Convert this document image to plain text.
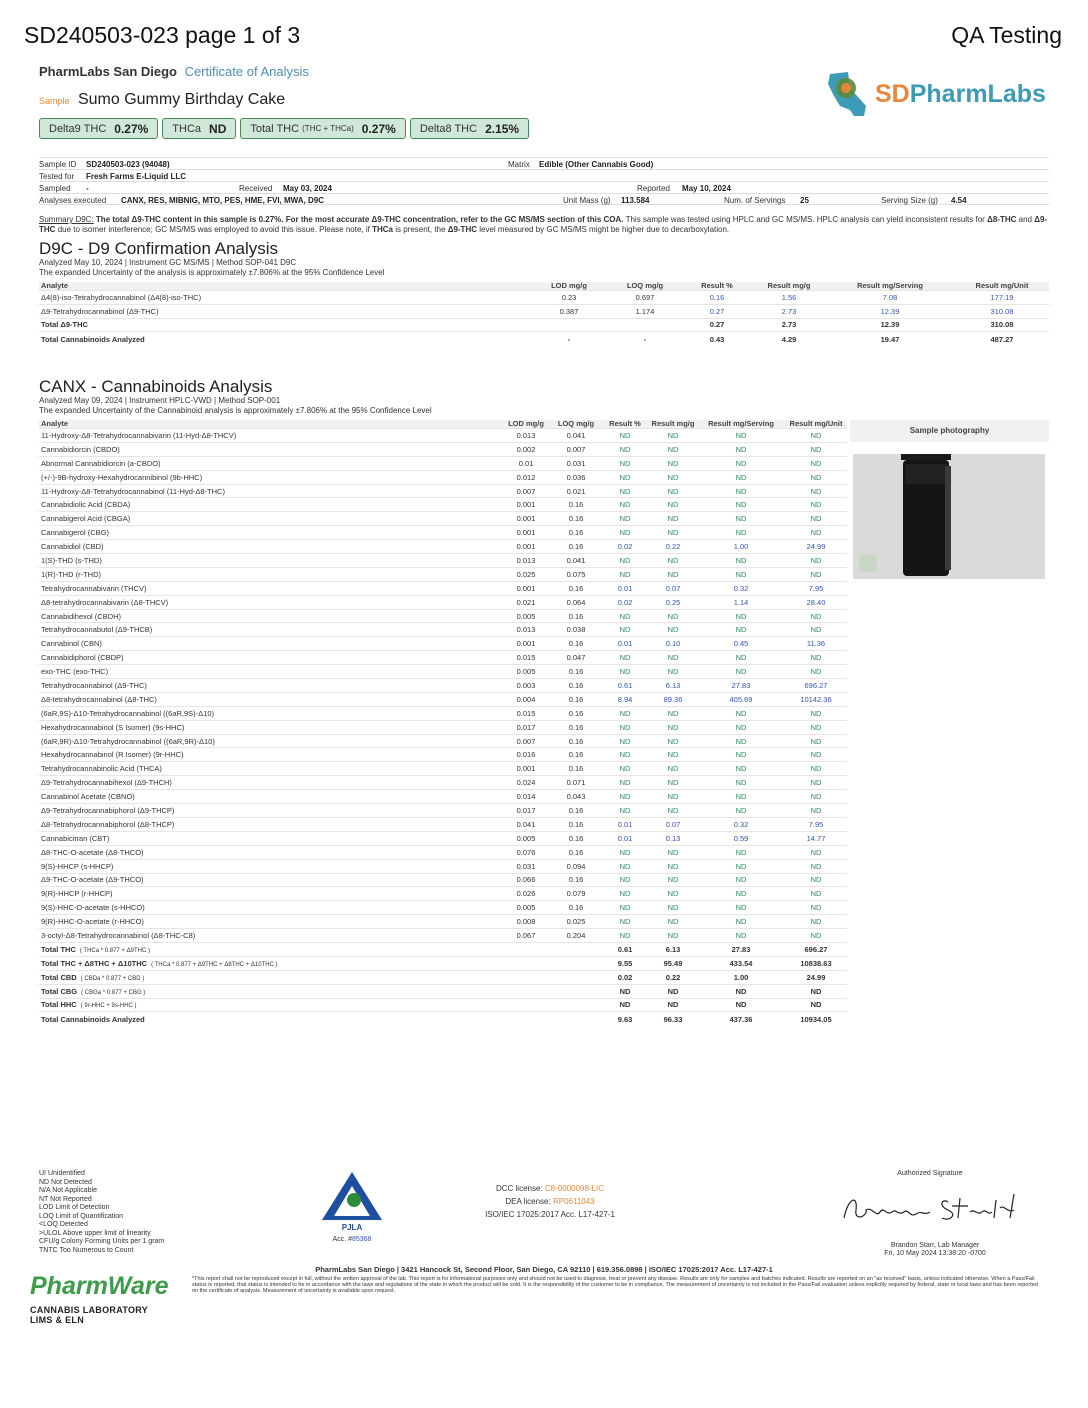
SD240503-023 page 1 of 3	QA Testing
PharmLabs San Diego Certificate of Analysis
Sample Sumo Gummy Birthday Cake	SDPharmLabs
Delta9 THC 0.27% THCa ND Total THC
(THC + THCa) 0.27% Delta8 THC 2.15%
Sample ID SD240503-023 (94048)	Matrix Edible (Other Cannabis Good)
Tested for Fresh Farms E-Liquid LLC
Sampled -	Received May 03, 2024	Reported May 10, 2024
Analyses executed CANX, RES, MIBNIG, MTO, PES, HME, FVI, MWA, D9C	Unit Mass (g) 113.584	Num. of Servings 25	Serving Size (g) 4.54
Summary D9C: The total Δ9-THC content in this sample is 0.27%. For the most accurate Δ9-THC concentration, refer to the GC MS/MS section of this COA. This sample was tested using HPLC and GC MS/MS. HPLC analysis can yield inconsistent results for Δ8-THC and Δ9-THC due to isomer interference; GC MS/MS was employed to avoid this issue. Please note, if THCa is present, the Δ9-THC level measured by GC MS/MS might be higher due to decarboxylation.
D9C - D9 Confirmation Analysis
Analyzed May 10, 2024 | Instrument GC MS/MS | Method SOP-041 D9C
The expanded Uncertainty of the analysis is approximately ±7.806% at the 95% Confidence Level
Analyte	LOD mg/g	LOQ mg/g	Result %	Result mg/g	Result mg/Serving	Result mg/Unit
Δ4(8)-iso-Tetrahydrocannabinol (Δ4(8)-iso-THC)	0.23	0.697	0.16	1.56	7.08	177.19
Δ9-Tetrahydrocannabinol (Δ9-THC)	0.387	1.174	0.27	2.73	12.39	310.08
Total Δ9-THC			0.27	2.73	12.39	310.08
Total Cannabinoids Analyzed	-	-	0.43	4.29	19.47	487.27
CANX - Cannabinoids Analysis
Analyzed May 09, 2024 | Instrument HPLC-VWD | Method SOP-001
The expanded Uncertainty of the Cannabinoid analysis is approximately ±7.806% at the 95% Confidence Level
Analyte	LOD mg/g	LOQ mg/g	Result %	Result mg/g	Result mg/Serving	Result mg/Unit
11-Hydroxy-Δ8-Tetrahydrocannabivarin (11-Hyd-Δ8-THCV)	0.013	0.041	ND	ND	ND	ND
Cannabidiorcin (CBDO)	0.002	0.007	ND	ND	ND	ND
Abnormal Cannabidiorcin (a-CBDO)	0.01	0.031	ND	ND	ND	ND
(+/-)-9B-hydroxy-Hexahydrocannibinol (9b-HHC)	0.012	0.036	ND	ND	ND	ND
11-Hydroxy-Δ8-Tetrahydrocannabinol (11-Hyd-Δ8-THC)	0.007	0.021	ND	ND	ND	ND
Cannabidiolic Acid (CBDA)	0.001	0.16	ND	ND	ND	ND
Cannabigerol Acid (CBGA)	0.001	0.16	ND	ND	ND	ND
Cannabigerol (CBG)	0.001	0.16	ND	ND	ND	ND
Cannabidiol (CBD)	0.001	0.16	0.02	0.22	1.00	24.99
1(S)-THD (s-THD)	0.013	0.041	ND	ND	ND	ND
1(R)-THD (r-THD)	0.025	0.075	ND	ND	ND	ND
Tetrahydrocannabivarin (THCV)	0.001	0.16	0.01	0.07	0.32	7.95
Δ8-tetrahydrocannabivarin (Δ8-THCV)	0.021	0.064	0.02	0.25	1.14	28.40
Cannabidihexol (CBDH)	0.005	0.16	ND	ND	ND	ND
Tetrahydrocannabutol (Δ9-THCB)	0.013	0.038	ND	ND	ND	ND
Cannabinol (CBN)	0.001	0.16	0.01	0.10	0.45	11.36
Cannabidiphorol (CBDP)	0.015	0.047	ND	ND	ND	ND
exo-THC (exo-THC)	0.005	0.16	ND	ND	ND	ND
Tetrahydrocannabinol (Δ9-THC)	0.003	0.16	0.61	6.13	27.83	696.27
Δ8-tetrahydrocannabinol (Δ8-THC)	0.004	0.16	8.94	89.36	405.69	10142.36
(6aR,9S)-Δ10-Tetrahydrocannabinol ((6aR,9S)-Δ10)	0.015	0.16	ND	ND	ND	ND
Hexahydrocannabinol (S Isomer) (9s-HHC)	0.017	0.16	ND	ND	ND	ND
(6aR,9R)-Δ10-Tetrahydrocannabinol ((6aR,9R)-Δ10)	0.007	0.16	ND	ND	ND	ND
Hexahydrocannabinol (R Isomer) (9r-HHC)	0.016	0.16	ND	ND	ND	ND
Tetrahydrocannabinolic Acid (THCA)	0.001	0.16	ND	ND	ND	ND
Δ9-Tetrahydrocannabihexol (Δ9-THCH)	0.024	0.071	ND	ND	ND	ND
Cannabinol Acetate (CBNO)	0.014	0.043	ND	ND	ND	ND
Δ9-Tetrahydrocannabiphorol (Δ9-THCP)	0.017	0.16	ND	ND	ND	ND
Δ8-Tetrahydrocannabiphorol (Δ8-THCP)	0.041	0.16	0.01	0.07	0.32	7.95
Cannabicitran (CBT)	0.005	0.16	0.01	0.13	0.59	14.77
Δ8-THC-O-acetate (Δ8-THCO)	0.076	0.16	ND	ND	ND	ND
9(S)-HHCP (s-HHCP)	0.031	0.094	ND	ND	ND	ND
Δ9-THC-O-acetate (Δ9-THCO)	0.066	0.16	ND	ND	ND	ND
9(R)-HHCP (r-HHCP)	0.026	0.079	ND	ND	ND	ND
9(S)-HHC-O-acetate (s-HHCO)	0.005	0.16	ND	ND	ND	ND
9(R)-HHC-O-acetate (r-HHCO)	0.008	0.025	ND	ND	ND	ND
3-octyl-Δ8-Tetrahydrocannabinol (Δ8-THC-C8)	0.067	0.204	ND	ND	ND	ND
Total THC ( THCa * 0.877 + Δ9THC )			0.61	6.13	27.83	696.27
Total THC + Δ8THC + Δ10THC ( THCa * 0.877 + Δ9THC + Δ8THC + Δ10THC )			9.55	95.49	433.54	10838.63
Total CBD ( CBDa * 0.877 + CBD )			0.02	0.22	1.00	24.99
Total CBG ( CBGa * 0.877 + CBG )			ND	ND	ND	ND
Total HHC ( 9r-HHC + 9s-HHC )			ND	ND	ND	ND
Total Cannabinoids Analyzed			9.63	96.33	437.36	10934.05
Sample photography
UI Unidentified
ND Not Detected
N/A Not Applicable
NT Not Reported
LOD Limit of Detection
LOQ Limit of Quantification
<LOQ Detected
>ULOL Above upper limit of linearity
CFU/g Colony Forming Units per 1 gram
TNTC Too Numerous to Count
PJLA
Acc. #85368
DCC license: C8-0000098-LIC
DEA license: RP0611043
ISO/IEC 17025:2017 Acc. L17-427-1
Authorized Signature
Brandon Starr, Lab Manager
Fri, 10 May 2024 13:38:20 -0700
PharmLabs San Diego | 3421 Hancock St, Second Floor, San Diego, CA 92110 | 619.356.0898 | ISO/IEC 17025:2017 Acc. L17-427-1
*This report shall not be reproduced except in full, without the written approval of the lab. This report is for informational purposes only and should not be used to diagnose, treat or prevent any disease. Results are only for samples and batches indicated. Results are reported on an "as received" basis, unless indicated otherwise. When a Pass/Fail status is reported, that status is intended to be in accordance with the laws and regulations of the state in which the product will be sold. It is the responsibility of the customer to be in compliance. The measurement of uncertainty is not included in the Pass/Fail evaluation unless explicitly required by federal, state or local laws and has been reported on the certificate of analysis. Measurement of uncertainty is available upon request.
PharmWare
CANNABIS LABORATORY LIMS & ELN
